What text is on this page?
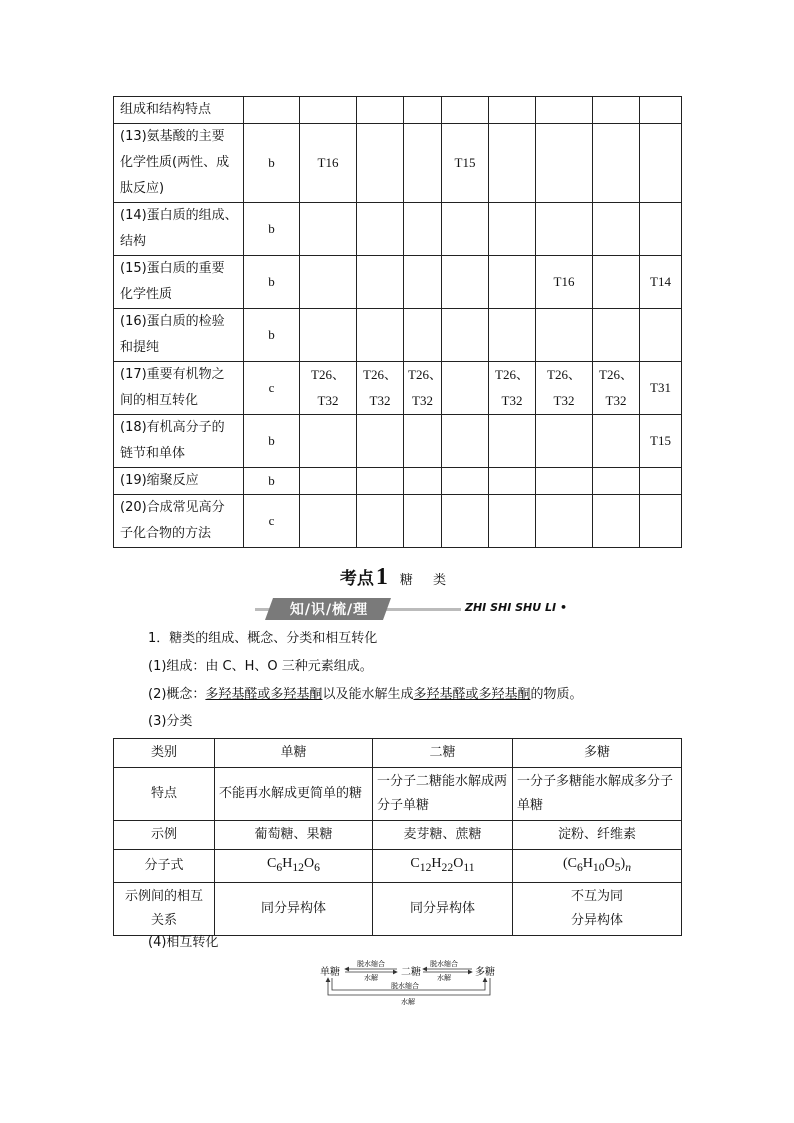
组成和结构特点									
(13)氨基酸的主要
化学性质(两性、成
肽反应)	b	T16			T15				
(14)蛋白质的组成、
结构	b								
(15)蛋白质的重要
化学性质	b						T16		T14
(16)蛋白质的检验
和提纯	b								
(17)重要有机物之
间的相互转化	c	T26、
T32	T26、
T32	T26、
T32		T26、
T32	T26、
T32	T26、
T32	T31
(18)有机高分子的
链节和单体	b								T15
(19)缩聚反应	b								
(20)合成常见高分
子化合物的方法	c								
考点1 糖 类
知/识/梳/理	ZHI SHI SHU LI •
1．糖类的组成、概念、分类和相互转化
(1)组成：由 C、H、O 三种元素组成。
(2)概念：多羟基醛或多羟基酮以及能水解生成多羟基醛或多羟基酮的物质。
(3)分类
类别	单糖	二糖	多糖
特点	不能再水解成更简单的糖	一分子二糖能水解成两分子单糖	一分子多糖能水解成多分子单糖
示例	葡萄糖、果糖	麦芽糖、蔗糖	淀粉、纤维素
分子式	$C_6H_{12}O_6$	$C_{12}H_{22}O_{11}$	$(C_6H_{10}O_5)_n$
示例间的相互
关系	同分异构体	同分异构体	不互为同
分异构体
(4)相互转化
单糖	二糖	多糖
脱水缩合
水解
脱水缩合
水解
脱水缩合
水解
